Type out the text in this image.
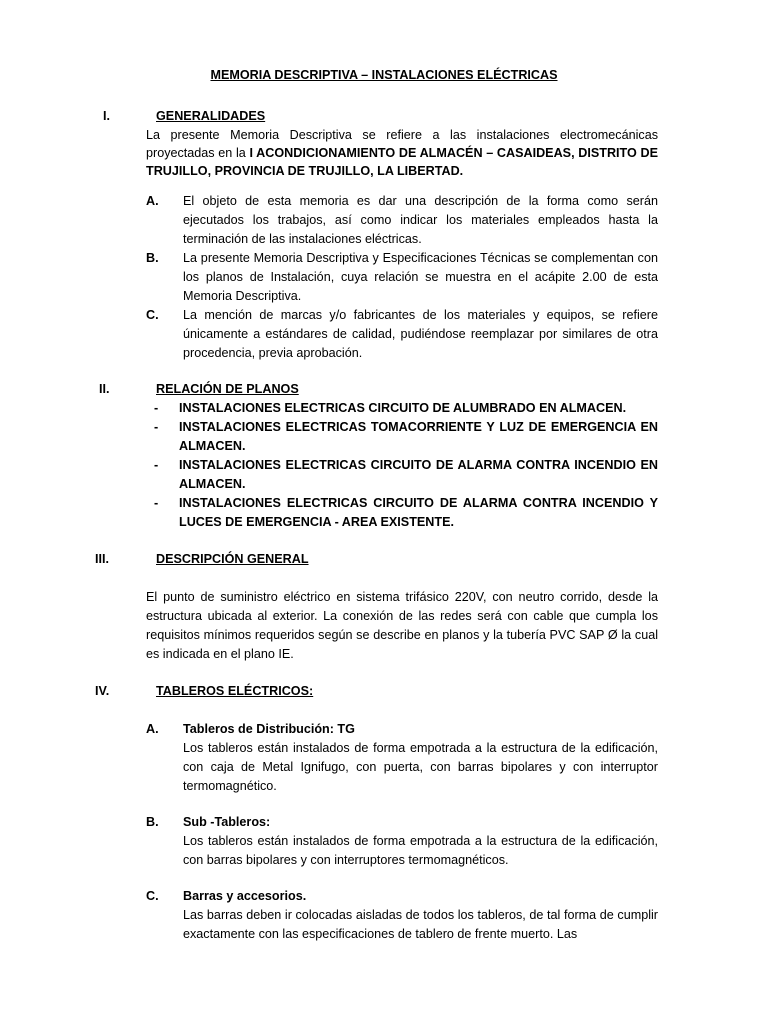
MEMORIA DESCRIPTIVA – INSTALACIONES ELÉCTRICAS
I.	GENERALIDADES
La presente Memoria Descriptiva se refiere a las instalaciones electromecánicas proyectadas en la I ACONDICIONAMIENTO DE ALMACÉN – CASAIDEAS, DISTRITO DE TRUJILLO, PROVINCIA DE TRUJILLO, LA LIBERTAD.
A. El objeto de esta memoria es dar una descripción de la forma como serán ejecutados los trabajos, así como indicar los materiales empleados hasta la terminación de las instalaciones eléctricas.
B. La presente Memoria Descriptiva y Especificaciones Técnicas se complementan con los planos de Instalación, cuya relación se muestra en el acápite 2.00 de esta Memoria Descriptiva.
C. La mención de marcas y/o fabricantes de los materiales y equipos, se refiere únicamente a estándares de calidad, pudiéndose reemplazar por similares de otra procedencia, previa aprobación.
II.	RELACIÓN DE PLANOS
- INSTALACIONES ELECTRICAS CIRCUITO DE ALUMBRADO EN ALMACEN.
- INSTALACIONES ELECTRICAS TOMACORRIENTE Y LUZ DE EMERGENCIA EN ALMACEN.
- INSTALACIONES ELECTRICAS CIRCUITO DE ALARMA CONTRA INCENDIO EN ALMACEN.
- INSTALACIONES ELECTRICAS CIRCUITO DE ALARMA CONTRA INCENDIO Y LUCES DE EMERGENCIA - AREA EXISTENTE.
III.	DESCRIPCIÓN GENERAL
El punto de suministro eléctrico en sistema trifásico 220V, con neutro corrido, desde la estructura ubicada al exterior. La conexión de las redes será con cable que cumpla los requisitos mínimos requeridos según se describe en planos y la tubería PVC SAP Ø la cual es indicada en el plano IE.
IV.	TABLEROS ELÉCTRICOS:
A. Tableros de Distribución: TG
Los tableros están instalados de forma empotrada a la estructura de la edificación, con caja de Metal Ignifugo, con puerta, con barras bipolares y con interruptor termomagnético.
B. Sub -Tableros:
Los tableros están instalados de forma empotrada a la estructura de la edificación, con barras bipolares y con interruptores termomagnéticos.
C. Barras y accesorios.
Las barras deben ir colocadas aisladas de todos los tableros, de tal forma de cumplir exactamente con las especificaciones de tablero de frente muerto. Las
